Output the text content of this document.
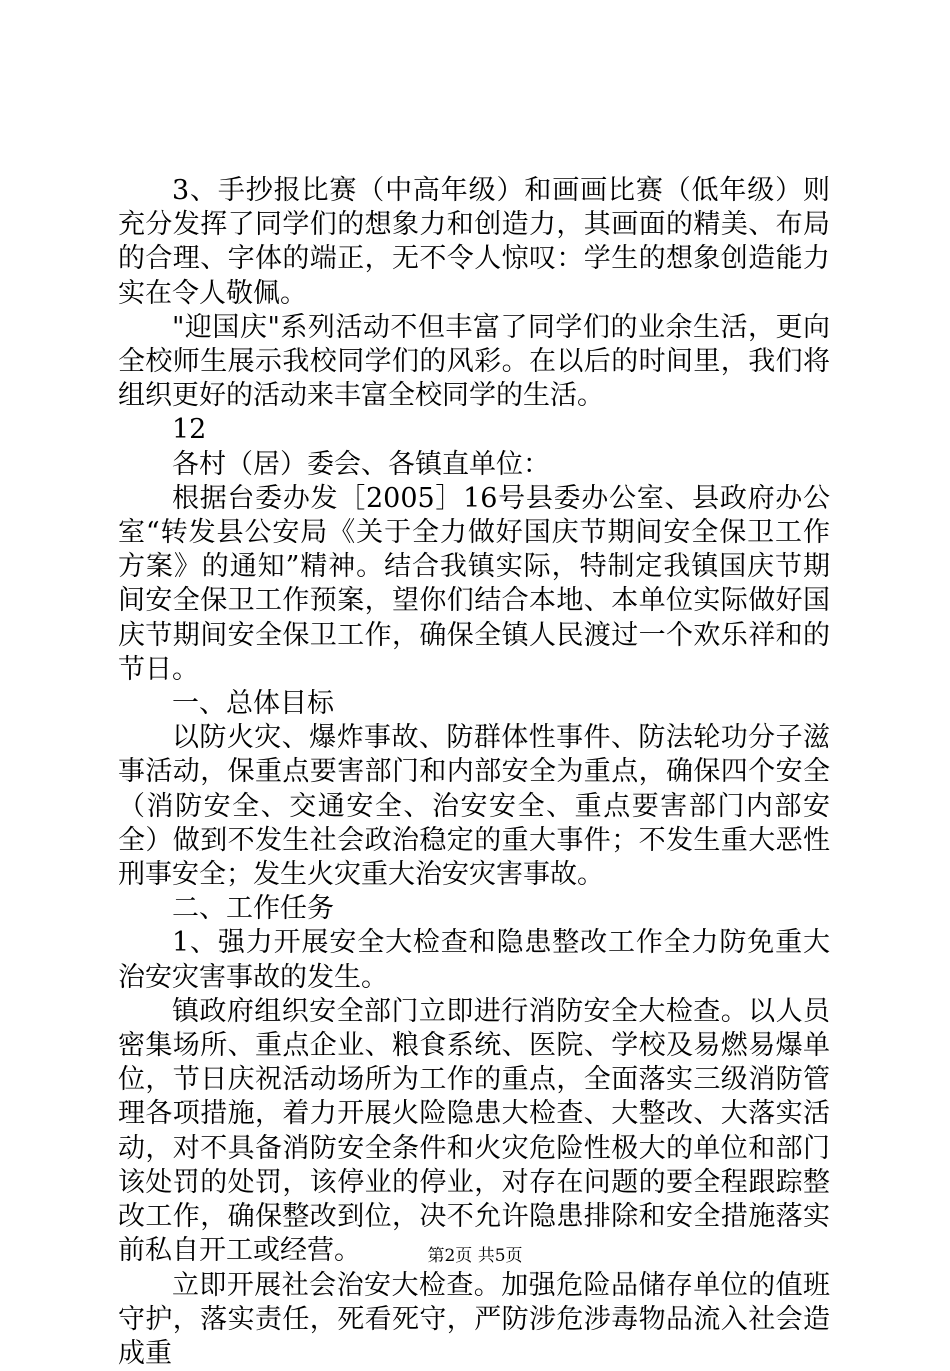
3、手抄报比赛（中高年级）和画画比赛（低年级）则充分发挥了同学们的想象力和创造力，其画面的精美、布局的合理、字体的端正，无不令人惊叹：学生的想象创造能力实在令人敬佩。

"迎国庆"系列活动不但丰富了同学们的业余生活，更向全校师生展示我校同学们的风彩。在以后的时间里，我们将组织更好的活动来丰富全校同学的生活。

12

各村（居）委会、各镇直单位：

根据台委办发［2005］16号县委办公室、县政府办公室“转发县公安局《关于全力做好国庆节期间安全保卫工作方案》的通知”精神。结合我镇实际，特制定我镇国庆节期间安全保卫工作预案，望你们结合本地、本单位实际做好国庆节期间安全保卫工作，确保全镇人民渡过一个欢乐祥和的节日。

一、总体目标

以防火灾、爆炸事故、防群体性事件、防法轮功分子滋事活动，保重点要害部门和内部安全为重点，确保四个安全（消防安全、交通安全、治安安全、重点要害部门内部安全）做到不发生社会政治稳定的重大事件；不发生重大恶性刑事安全；发生火灾重大治安灾害事故。

二、工作任务

1、强力开展安全大检查和隐患整改工作全力防免重大治安灾害事故的发生。

镇政府组织安全部门立即进行消防安全大检查。以人员密集场所、重点企业、粮食系统、医院、学校及易燃易爆单位，节日庆祝活动场所为工作的重点，全面落实三级消防管理各项措施，着力开展火险隐患大检查、大整改、大落实活动，对不具备消防安全条件和火灾危险性极大的单位和部门该处罚的处罚，该停业的停业，对存在问题的要全程跟踪整改工作，确保整改到位，决不允许隐患排除和安全措施落实前私自开工或经营。

立即开展社会治安大检查。加强危险品储存单位的值班守护，落实责任，死看死守，严防涉危涉毒物品流入社会造成重

第2页 共5页
